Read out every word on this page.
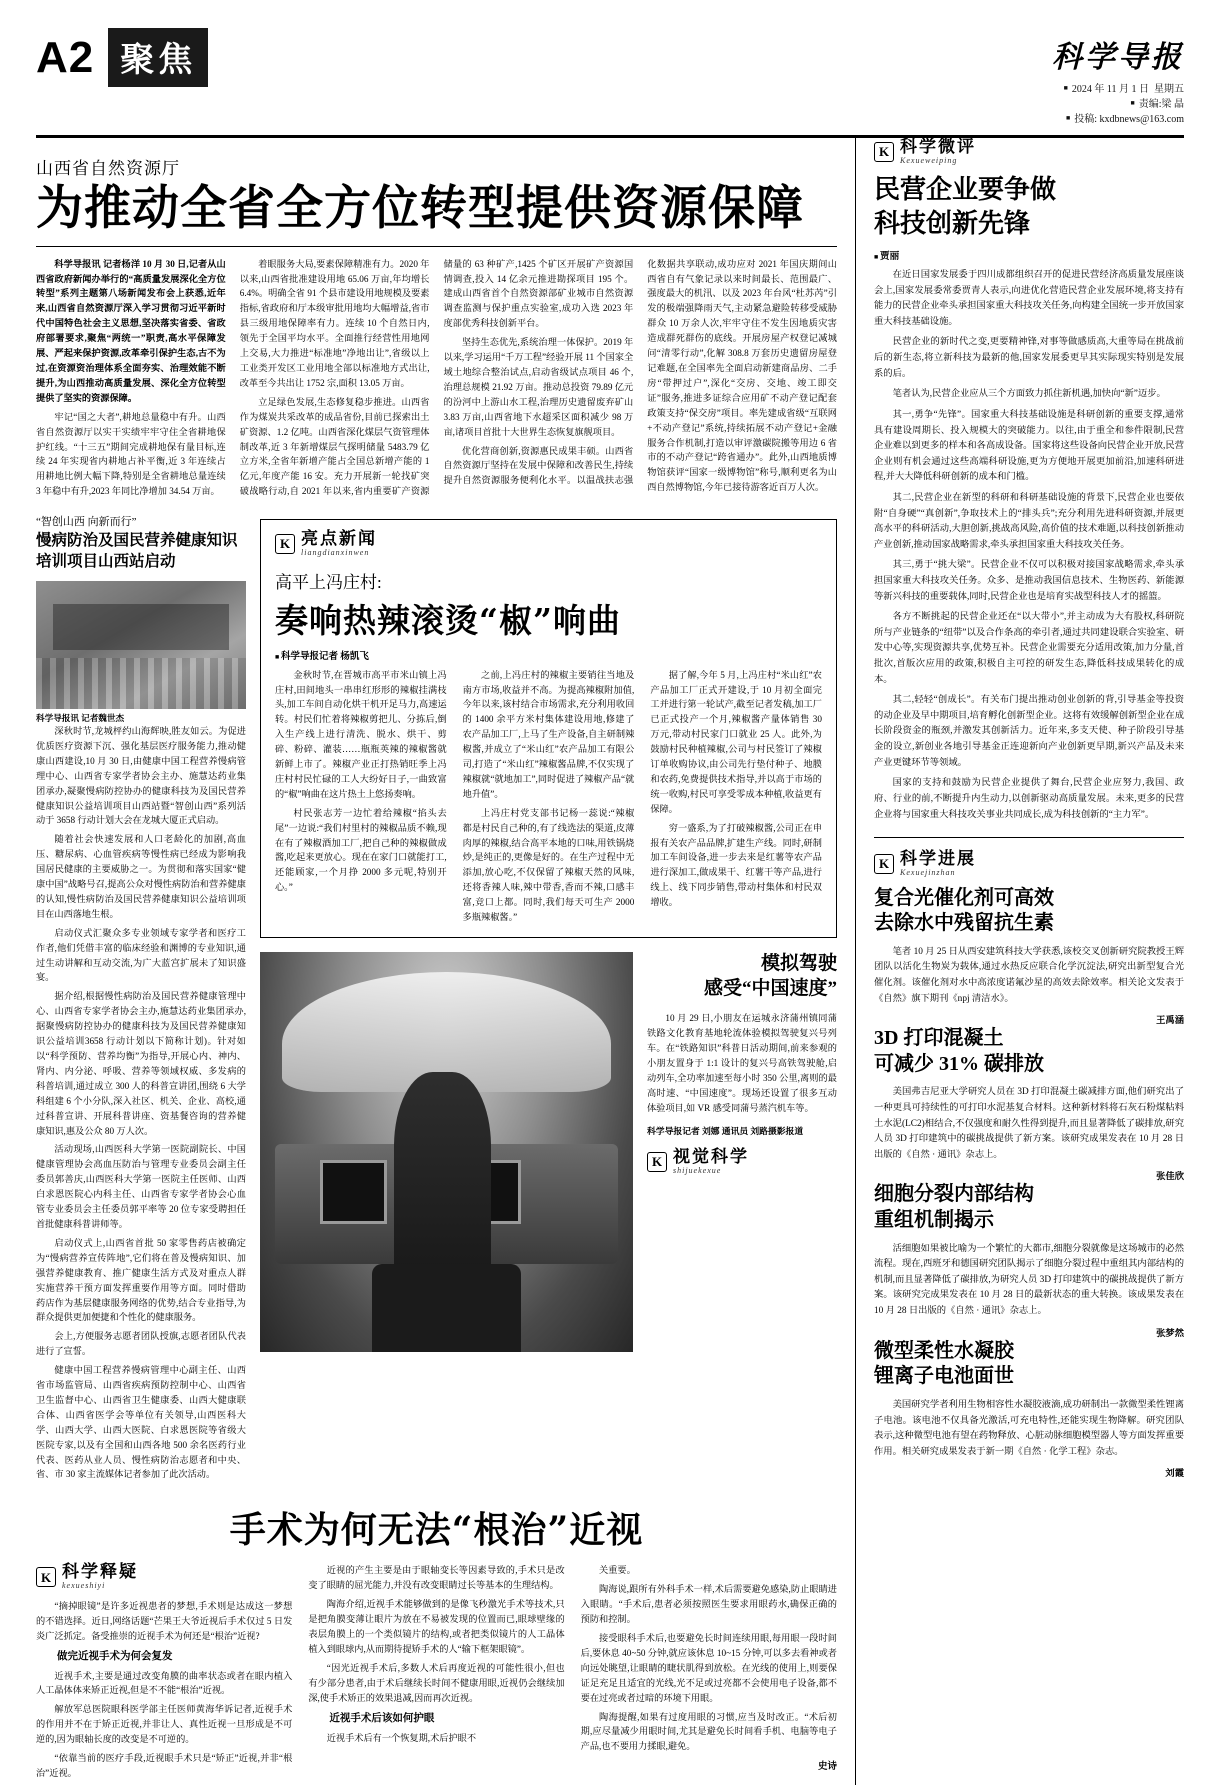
A2 聚焦	科学导报
■ 2024 年 11 月 1 日 星期五
■ 责编:梁 晶
■ 投稿: kxdbnews@163.com
山西省自然资源厅
为推动全省全方位转型提供资源保障

科学导报讯 记者杨洋 10 月 30 日,记者从山西省政府新闻办举行的“高质量发展深化全方位转型”系列主题第八场新闻发布会上获悉,近年来,山西省自然资源厅深入学习贯彻习近平新时代中国特色社会主义思想,坚决落实省委、省政府部署要求,聚焦“两统一”职责,高水平保障发展、严起来保护资源,改革牵引保护生态,古不为过,在资源资治理体系全面夯实、治理效能不断提升,为山西推动高质量发展、深化全方位转型提供了坚实的资源保障。

牢记“国之大者”,耕地总量稳中有升。山西省自然资源厅以实干实绩牢牢守住全省耕地保护红线。“十三五”期间完成耕地保有量目标,连续 24 年实现省内耕地占补平衡,近 3 年连续占用耕地比例大幅下降,特别是全省耕地总量连续 3 年稳中有升,2023 年同比净增加 34.54 万亩。

着眼服务大局,要素保障精准有力。2020 年以来,山西省批准建设用地 65.06 万亩,年均增长 6.4%。明确全省 91 个县市建设用地规模及要素指标,省政府和厅本级审批用地均大幅增益,省市县三级用地保障率有力。连续 10 个自然日内,领先于全国平均水平。全面推行经营性用地网上交易,大力推进“标准地”净地出让”,省级以上工业类开发区工业用地全部以标准地方式出让,改革至今共出让 1752 宗,面积 13.05 万亩。

立足绿色发展,生态修复稳步推进。山西省作为煤炭共采改革的成品省份,目前已探索出土矿资源、1.2 亿吨。山西省深化煤层气资管理体制改革,近 3 年新增煤层气探明储量 5483.79 亿立方米,全省年新增产能占全国总新增产能的 1 亿元,年度产能 16 安。充力开展新一轮找矿突破战略行动,自 2021 年以来,省内重要矿产资源储量的 63 种矿产,1425 个矿区开展矿产资源国情调查,投入 14 亿余元推进勘探项目 195 个。建成山西省首个自然资源部矿业城市自然资源调查监测与保护重点实验室,成功入选 2023 年度部优秀科技创新平台。

坚持生态优先,系统治理一体保护。2019 年以来,学习运用“千万工程”经验开展 11 个国家全域土地综合整治试点,启动省级试点项目 46 个,治理总规模 21.92 万亩。推动总投资 79.89 亿元的汾河中上游山水工程,治理历史遗留废弃矿山 3.83 万亩,山西省地下水超采区面积减少 98 万亩,诸项目首批十大世界生态恢复旗舰项目。

优化营商创新,资源惠民成果丰硕。山西省自然资源厅坚持在发展中保障和改善民生,持续提升自然资源服务便利化水平。以温战扶志强化数据共享联动,成功应对 2021 年国庆期间山西省自有气象记录以来时间最长、范围最广、强度最大的机汛、以及 2023 年台风“杜苏芮”引发的极端强降雨天气,主动紧急避险转移受威胁群众 10 万余人次,牢牢守住不发生因地质灾害造成群死群伤的底线。开展房屋产权登记减城问“清零行动”,化解 308.8 万套历史遗留房屋登记难题,在全国率先全面启动新建商品房、二手房“带押过户”,深化“交房、交地、竣工即交证”服务,推进多证综合应用矿不动产登记配套政策支持“保交房”项目。率先建成省级“互联网+不动产登记”系统,持续拓展不动产登记+金融服务合作机制,打造以审评激碳院搬等用边 6 省市的不动产登记“跨省通办”。此外,山西地质博物馆获评“国家一级博物馆”称号,顺利更名为山西自然博物馆,今年已接待游客近百万人次。

“智创山西 向新而行”
慢病防治及国民营养健康知识培训项目山西站启动
科学导报讯 记者魏世杰

深秋时节,龙城枰约山海辉映,胜友如云。为促进优质医疗资源下沉、强化基层医疗服务能力,推动健康山西建设,10 月 30 日,由健康中国工程营养慢病管理中心、山西省专家学者协会主办、施慧达药业集团承办,凝聚慢病防控协办的健康科技为及国民营养健康知识公益培训项目山西站暨“智创山西”系列活动于 3658 行动计划大会在龙城大厦正式启动。

随着社会快速发展和人口老龄化的加剧,高血压、糖尿病、心血管疾病等慢性病已经成为影响我国居民健康的主要威胁之一。为贯彻和落实国家“健康中国”战略号召,提高公众对慢性病防治和营养健康的认知,慢性病防治及国民营养健康知识公益培训项目在山西落地生根。

启动仪式汇聚众多专业领域专家学者和医疗工作者,他们凭借丰富的临床经验和渊博的专业知识,通过生动讲解和互动交流,为广大蓝宫扩展未了知识盛宴。

据介绍,根据慢性病防治及国民营养健康管理中心、山西省专家学者协会主办,施慧达药业集团承办,据聚慢病防控协办的健康科技为及国民营养健康知识公益培训3658 行动计划以下简称计划)。针对如以“科学预防、营养均衡”为指导,开展心内、神内、肾内、内分泌、呼吸、营养等领域权威、多发病的科普培训,通过成立 300 人的科普宣讲团,围绕 6 大学科组建 6 个小分队,深入社区、机关、企业、高校,通过科普宣讲、开展科普讲座、资基餐咨询的营养健康知识,惠及公众 80 万人次。

活动现场,山西医科大学第一医院副院长、中国健康管理协会高血压防治与管理专业委员会副主任委员郭善庆,山西医科大学第一医院主任医师、山西白求恩医院心内科主任、山西省专家学者协会心血管专业委员会主任委员郭平率等 20 位专家受聘担任首批健康科普讲师等。

启动仪式上,山西省首批 50 家零售药店被确定为“慢病营养宣传阵地”,它们将在普及慢病知识、加强营养健康教育、推广健康生活方式及对重点人群实施营养干预方面发挥重要作用等方面。同时借助药店作为基层健康服务网络的优势,结合专业指导,为群众提供更加便捷和个性化的健康服务。

会上,方便服务志愿者团队授旗,志愿者团队代表进行了宣誓。

健康中国工程营养慢病管理中心副主任、山西省市场监管局、山西省疾病预防控制中心、山西省卫生监督中心、山西省卫生健康委、山西大健康联合体、山西省医学会等单位有关领导,山西医科大学、山西大学、山西大医院、白求恩医院等省级大医院专家,以及有全国和山西各地 500 余名医药行业代表、医药从业人员、慢性病防治志愿者和中央、省、市 30 家主流媒体记者参加了此次活动。

K 亮点新闻
liangdianxinwen
高平上冯庄村:
奏响热辣滚烫“椒”响曲
■ 科学导报记者 杨凯飞

金秋时节,在晋城市高平市米山镇上冯庄村,田间地头一串串红形形的辣椒挂满枝头,加工车间自动化烘干机开足马力,高速运转。村民们忙着将辣椒剪把儿、分拣后,倒入生产线上进行清洗、脱水、烘干、剪碎、粉碎、灌装……瓶瓶英辣的辣椒酱就新鲜上市了。辣椒产业正打热销旺季上冯庄村村民忙碌的工人大纷好日子,一曲致富的“椒”响曲在这片热土上悠扬奏响。

村民张志芳一边忙着给辣椒“掐头去尾”一边说:“我们村里村的辣椒品质不赖,现在有了辣椒酒加工厂,把自己种的辣椒做成酱,吃起来更放心。现在在家门口就能打工,还能顾家,一个月挣 2000 多元呢,特别开心。”

之前,上冯庄村的辣椒主要销往当地及南方市场,收益并不高。为提高辣椒附加值,今年以来,该村结合市场需求,充分利用收回的 1400 余平方米村集体建设用地,修建了农产品加工厂,上马了生产设备,自主研制辣椒酱,并成立了“米山红”农产品加工有限公司,打造了“米山红”辣椒酱品牌,不仅实现了辣椒就“就地加工”,同时促进了辣椒产品“就地升值”。

上冯庄村党支部书记杨一蕊说:“辣椒都是村民自己种的,有了线选法的渠道,皮薄肉厚的辣椒,结合高平本地的口味,用铁锅烧炒,是纯正的,更像是好的。在生产过程中无添加,放心吃,不仅保留了辣椒天然的风味,还将香辣人味,辣中带香,香而不辣,口感丰富,竞口上都。同时,我们每天可生产 2000 多瓶辣椒酱。”

据了解,今年 5 月,上冯庄村“米山红”农产品加工厂正式开建设,于 10 月初全面完工并进行第一轮试产,截至记者发稿,加工厂已正式投产一个月,辣椒酱产量体销售 30 万元,带动村民家门口就业 25 人。此外,为鼓励村民种植辣椒,公司与村民签订了辣椒订单收购协议,由公司先行垫付种子、地膜和农药,免费提供技术指导,并以高于市场的统一收购,村民可享受零成本种植,收益更有保障。

穷一盛系,为了打破辣椒酱,公司正在申报有关农产品品牌,扩建生产线。同时,研制加工车间设备,进一步去来是红薯等农产品进行深加工,做成果干、红薯干等产品,进行线上、线下同步销售,带动村集体和村民双增收。

模拟驾驶
感受“中国速度”

10 月 29 日,小朋友在运城永济蒲州镇同蒲铁路文化教育基地轮流体验模拟驾驶复兴号列车。在“铁路知识”科普日活动期间,前来参观的小朋友置身于 1:1 设计的复兴号高铁驾驶舱,启动列车,全功率加速至每小时 350 公里,离则的最高时速、“中国速度”。现场还设置了很多互动体验项目,如 VR 感受同蒲号蒸汽机车等。

科学导报记者 刘娜 通讯员 刘路摄影报道
K 视觉科学
shijuekexue
手术为何无法“根治”近视
K 科学释疑
kexueshiyi

“摘掉眼镜”是许多近视患者的梦想,手术则是达成这一梦想的不错选择。近日,网络话题“芒果王大爷近视后手术仅过 5 日发炎广泛抓定。备受推崇的近视手术为何还是“根治”近视?

做完近视手术为何会复发

近视手术,主要是通过改变角膜的曲率状态或者在眼内植入人工晶体体来矫正近视,但是不不能“根治”近视。

解放军总医院眼科医学部主任医师黄海华诉记者,近视手术的作用并不在于矫正近视,并非让人、真性近视一旦形成是不可逆的,因为眼轴长度的改变是不可逆的。

“依靠当前的医疗手段,近视眼手术只是“矫正”近视,并非“根治”近视。

近视的产生主要是由于眼轴变长等因素导致的,手术只是改变了眼睛的屈光能力,并没有改变眼睛过长等基本的生理结构。

陶海介绍,近视手术能够做到的是像飞秒激光手术等技术,只是把角膜变薄让眼片为放在不易被发现的位置而已,眼球壁缘的表层角膜上的一个类似镜片的结构,或者把类似镜片的人工晶体植入到眼球内,从而期待提矫手术的人“输下框架眼镜”。

“因光近视手术后,多数人术后再度近视的可能性很小,但也有少部分患者,由于术后继续长时间不健康用眼,近视仍会继续加深,使手术矫正的效果退减,因而再次近视。

近视手术后该如何护眼

近视手术后有一个恢复期,术后护眼不

关重要。

陶海说,跟所有外科手术一样,术后需要避免感染,防止眼睛进入眼睛。“手术后,患者必须按照医生要求用眼药水,确保正确的预防和控制。

接受眼科手术后,也要避免长时间连续用眼,每用眼一段时间后,要休息 40~50 分钟,就应该休息 10~15 分钟,可以多去看神或者向远处眺望,让眼睛的睫状肌得到放松。在光线的使用上,则要保证足充足且适宜的光线,光不足或过亮都不会使用电子设备,都不要在过亮或者过暗的环境下用眼。

陶海提醒,如果有过度用眼的习惯,应当及时改正。“术后初期,应尽量减少用眼时间,尤其是避免长时间看手机、电脑等电子产品,也不要用力揉眼,避免。

史诗
K 科学微评
Kexueweiping
民营企业要争做
科技创新先锋
■ 贾丽

在近日国家发展委于四川成都组织召开的促进民营经济高质量发展座谈会上,国家发展委常委贾青人表示,向进优化营造民营企业发展环境,将支持有能力的民营企业牵头承担国家重大科技攻关任务,向构建全国统一步开放国家重大科技基础设施。

民营企业的新时代之变,更要精神锋,对事等做感质高,大重等局在挑战前后的新生态,将立新科技为最新的他,国家发展委更早其实际现实特别是发展系的后。

笔者认为,民营企业应从三个方面致力抓住新机遇,加快向“新”迈步。

其一,勇争“先锋”。国家重大科技基础设施是科研创新的重要支撑,通常具有建设周期长、投入规模大的突破能力。以往,由于重全和参件限制,民营企业难以到更多的样本和各高成设备。国家将这些设备向民营企业开放,民营企业则有机会通过这些高端科研设施,更为方便地开展更加前沿,加速科研进程,并大大降低科研创新的成本和门槛。

其二,民营企业在新型的科研和科研基础设施的背景下,民营企业也要依附“自身硬”“真创新”,争取技术上的“排头兵”;充分利用先进科研资源,并展更高水平的科研活动,大胆创新,挑战高风险,高价值的技术难题,以科技创新推动产业创新,推动国家战略需求,牵头承担国家重大科技攻关任务。

其三,勇于“挑大梁”。民营企业不仅可以积极对接国家战略需求,牵头承担国家重大科技攻关任务。众多、是推动我国信息技术、生物医药、新能源等新兴科技的重要载体,同时,民营企业也是培育实战型科技人才的摇篮。

各方不断挑起的民营企业还在“以大带小”,并主动成为大有股权,科研院所与产业链条的“纽带”以及合作条高的牵引者,通过共同建设联合实验室、研发中心等,实现资源共享,优势互补。民营企业需要充分适用改策,加力分量,首批次,首版次应用的政策,积极自主可控的研发生态,降低科技成果转化的成本。

其二,轻轻“创成长”。有关布门提出推动创业创新的背,引导基金等投资的动企业及早中期项目,培育孵化创新型企业。这将有效缓解创新型企业在成长阶段资金的瓶颈,并激发其创新活力。近年来,多支天使、种子阶段引导基金的设立,新创业各地引导基金正连迎新向产业创新更早期,新兴产品及未来产业更键环节等领域。

国家的支持和鼓励为民营企业提供了舞台,民营企业应努力,我国、政府、行业的前,不断提升内生动力,以创新驱动高质量发展。未来,更多的民营企业将与国家重大科技攻关事业共同成长,成为科技创新的“主力军”。

K 科学进展
Kexuejinzhan
复合光催化剂可高效
去除水中残留抗生素

笔者 10 月 25 日从西安建筑科技大学获悉,该校交叉创新研究院教授王辉团队以活化生物炭为载体,通过水热反应联合化学沉淀法,研究出新型复合光催化剂。该催化剂对水中高浓度诺氟沙星的高效去除效率。相关论文发表于《自然》旗下期刊《npj 清洁水》。

王禹涵
3D 打印混凝土
可减少 31% 碳排放

美国弗吉尼亚大学研究人员在 3D 打印混凝土碳减排方面,他们研究出了一种更具可持续性的可打印水泥基复合材料。这种新材料将石灰石粉煤粘料土水泥(LC2)相结合,不仅强度和耐久性得到提升,而且显著降低了碳排放,研究人员 3D 打印建筑中的碳挑战提供了新方案。该研究成果发表在 10 月 28 日出版的《自然 · 通讯》杂志上。

张佳欣
细胞分裂内部结构
重组机制揭示

活细胞如果被比喻为一个繁忙的大都市,细胞分裂就像是这场城市的必然流程。现在,西班牙和德国研究团队揭示了细胞分裂过程中重组其内部结构的机制,而且显著降低了碳排放,为研究人员 3D 打印建筑中的碳挑战提供了新方案。该研究完成果发表在 10 月 28 日的最新状态的重大转换。该成果发表在 10 月 28 日出版的《自然 · 通讯》杂志上。

张梦然
微型柔性水凝胶
锂离子电池面世

美国研究学者利用生物相容性水凝胶液滴,成功研制出一款微型柔性锂离子电池。该电池不仅具备光激活,可充电特性,还能实现生物降解。研究团队表示,这种微型电池有望在药物释放、心脏动脉细胞模型器人等方面发挥重要作用。相关研究成果发表于新一期《自然 · 化学工程》杂志。

刘霞
